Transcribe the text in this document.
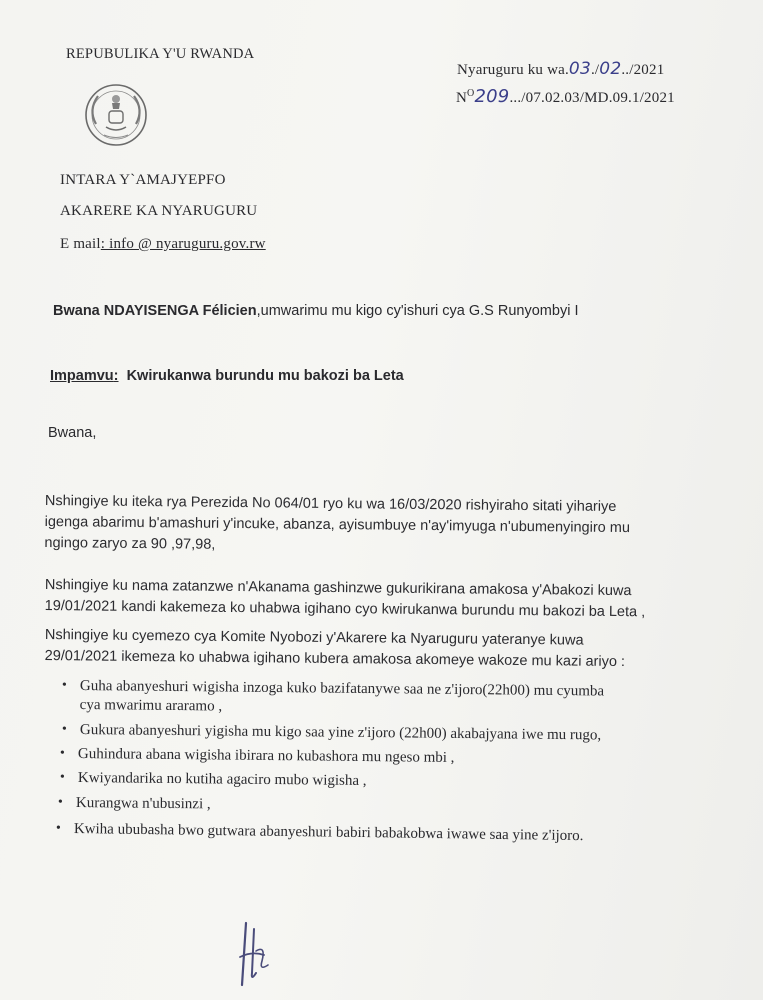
REPUBULIKA Y'U RWANDA
INTARA Y`AMAJYEPFO
AKARERE KA NYARUGURU
E mail: info @ nyaruguru.gov.rw
Nyaruguru ku wa.03./02../2021
$N^O209.../07.02.03/MD.09.1/2021$
Bwana NDAYISENGA Félicien,umwarimu mu kigo cy'ishuri cya G.S Runyombyi I
Impamvu: Kwirukanwa burundu mu bakozi ba Leta
Bwana,
Nshingiye ku iteka rya Perezida No 064/01 ryo ku wa 16/03/2020 rishyiraho sitati yihariye
igenga abarimu b'amashuri y'incuke, abanza, ayisumbuye n'ay'imyuga n'ubumenyingiro mu
ngingo zaryo za 90 ,97,98,
Nshingiye ku nama zatanzwe n'Akanama gashinzwe gukurikirana amakosa y'Abakozi kuwa
19/01/2021 kandi kakemeza ko uhabwa igihano cyo kwirukanwa burundu mu bakozi ba Leta ,
Nshingiye ku cyemezo cya Komite Nyobozi y'Akarere ka Nyaruguru yateranye kuwa
29/01/2021 ikemeza ko uhabwa igihano kubera amakosa akomeye wakoze mu kazi ariyo :
• Guha abanyeshuri wigisha inzoga kuko bazifatanywe saa ne z'ijoro(22h00) mu cyumba
cya mwarimu araramo ,
• Gukura abanyeshuri yigisha mu kigo saa yine z'ijoro (22h00) akabajyana iwe mu rugo,
• Guhindura abana wigisha ibirara no kubashora mu ngeso mbi ,
• Kwiyandarika no kutiha agaciro mubo wigisha ,
• Kurangwa n'ubusinzi ,
• Kwiha ububasha bwo gutwara abanyeshuri babiri babakobwa iwawe saa yine z'ijoro.
